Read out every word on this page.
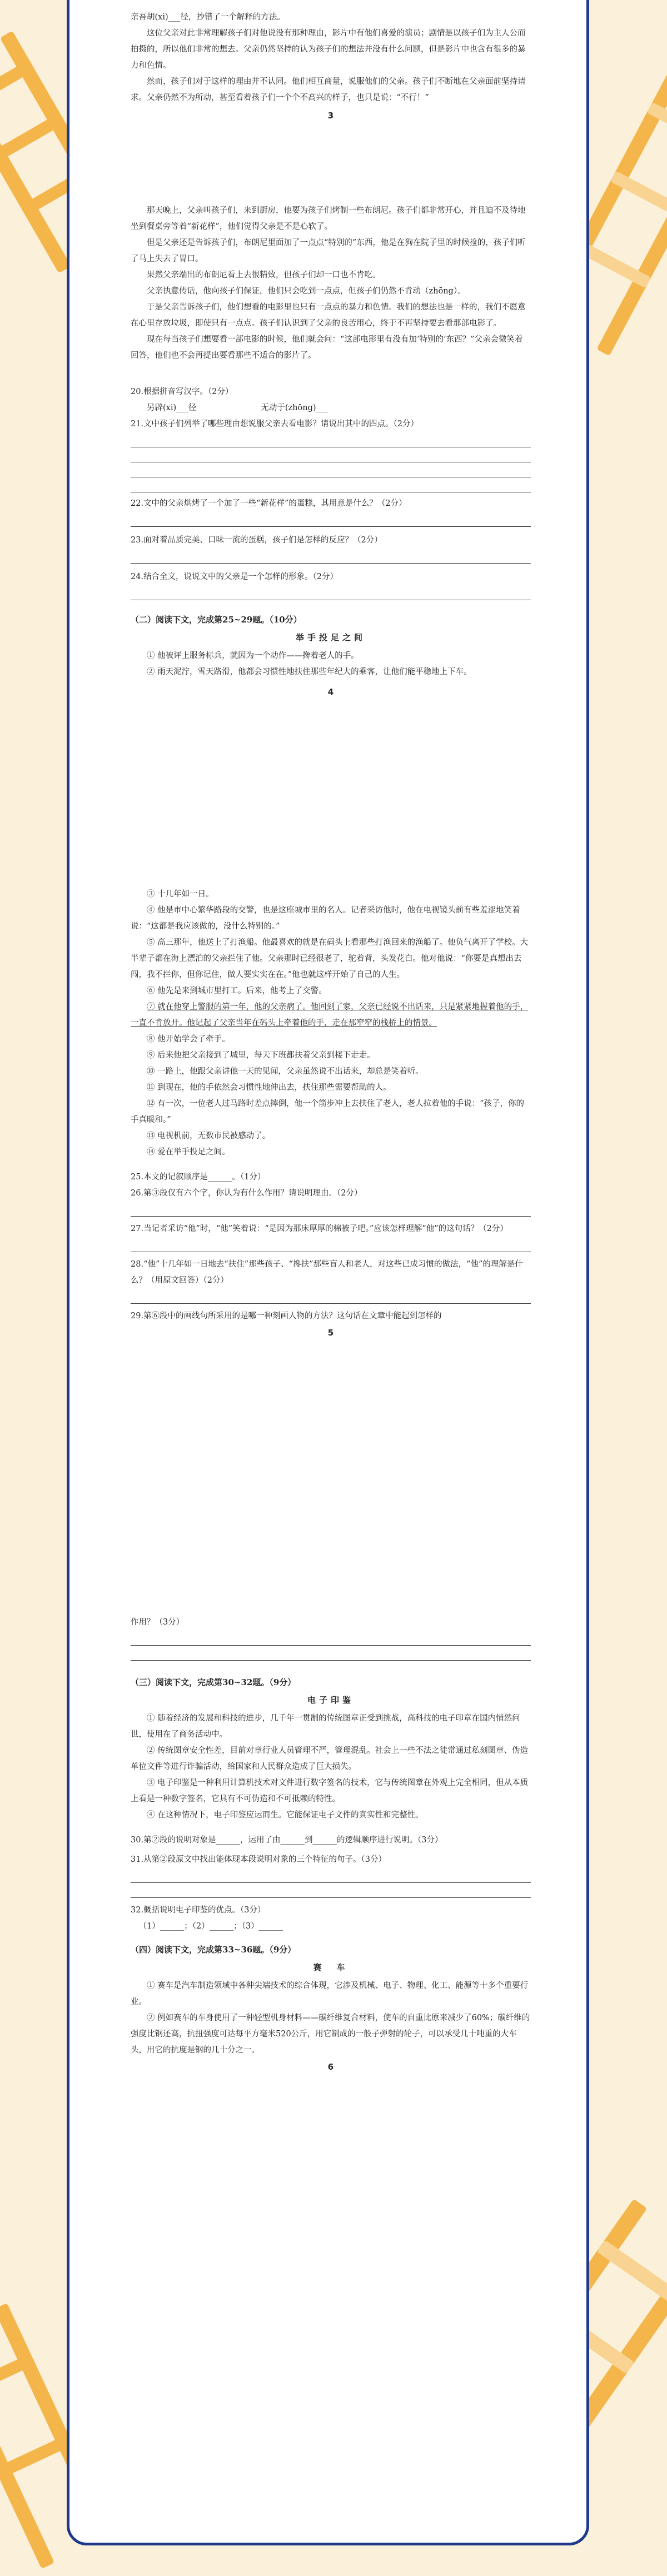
亲吾胡(xi)___径，抄错了一个解释的方法。

这位父亲对此非常理解孩子们对他说没有那种理由，影片中有他们喜爱的演员；剧情是以孩子们为主人公而拍摄的，所以他们非常的想去。父亲仍然坚持的认为孩子们的想法并没有什么问题，但是影片中也含有很多的暴力和色情。

然而，孩子们对于这样的理由并不认同。他们相互商量，说服他们的父亲。孩子们不断地在父亲面前坚持请求。父亲仍然不为所动，甚至看着孩子们一个个不高兴的样子，也只是说：“不行！”

3

那天晚上，父亲叫孩子们，来到厨房，他要为孩子们烤制一些布朗尼。孩子们都非常开心，并且迫不及待地坐到餐桌旁等着“新花样”，他们觉得父亲是不是心软了。

但是父亲还是告诉孩子们，布朗尼里面加了一点点“特别的”东西，他是在狗在院子里的时候捡的，孩子们听了马上失去了胃口。

果然父亲端出的布朗尼看上去很精致，但孩子们却一口也不肯吃。

父亲执意传话，他向孩子们保证，他们只会吃到一点点，但孩子们仍然不肯动（zhōng）。

于是父亲告诉孩子们，他们想看的电影里也只有一点点的暴力和色情。我们的想法也是一样的，我们不愿意在心里存放垃圾，即使只有一点点。孩子们认识到了父亲的良苦用心，终于不再坚持要去看那部电影了。

现在每当孩子们想要看一部电影的时候，他们就会问：“这部电影里有没有加‘特别的’东西？”父亲会微笑着回答，他们也不会再提出要看那些不适合的影片了。

20.根据拼音写汉字。（2分）
另辟(xi)___径　　　　　　　　无动于(zhōng)___
21.文中孩子们列举了哪些理由想说服父亲去看电影？请说出其中的四点。（2分）
22.文中的父亲烘烤了一个加了一些“新花样”的蛋糕，其用意是什么？（2分）
23.面对着品质完美、口味一流的蛋糕，孩子们是怎样的反应？（2分）
24.结合全文，说说文中的父亲是一个怎样的形象。（2分）
（二）阅读下文，完成第25~29题。（10分）
举手投足之间

① 他被评上服务标兵，就因为一个动作——搀着老人的手。

② 雨天泥泞，雪天路滑，他都会习惯性地扶住那些年纪大的乘客，让他们能平稳地上下车。

4

③ 十几年如一日。

④ 他是市中心繁华路段的交警，也是这座城市里的名人。记者采访他时，他在电视镜头前有些羞涩地笑着说：“这都是我应该做的，没什么特别的。”

⑤ 高三那年，他送上了打渔船。他最喜欢的就是在码头上看那些打渔回来的渔船了。他负气离开了学校。大半辈子都在海上漂泊的父亲拦住了他。父亲那时已经很老了，驼着背，头发花白。他对他说：“你要是真想出去闯，我不拦你，但你记住，做人要实实在在。”他也就这样开始了自己的人生。

⑥ 他先是来到城市里打工。后来，他考上了交警。

⑦ 就在他穿上警服的第一年，他的父亲病了。他回到了家，父亲已经说不出话来，只是紧紧地握着他的手，一直不肯放开。他记起了父亲当年在码头上牵着他的手，走在那窄窄的栈桥上的情景。

⑧ 他开始学会了牵手。

⑨ 后来他把父亲接到了城里，每天下班都扶着父亲到楼下走走。

⑩ 一路上，他跟父亲讲他一天的见闻，父亲虽然说不出话来，却总是笑着听。

⑪ 到现在，他的手依然会习惯性地伸出去，扶住那些需要帮助的人。

⑫ 有一次，一位老人过马路时差点摔倒，他一个箭步冲上去扶住了老人，老人拉着他的手说：“孩子，你的手真暖和。”

⑬ 电视机前，无数市民被感动了。

⑭ 爱在举手投足之间。

25.本文的记叙顺序是______。（1分）
26.第③段仅有六个字，你认为有什么作用？请说明理由。（2分）
27.当记者采访“他”时，“他”笑着说：“是因为那床厚厚的棉被子吧。”应该怎样理解“他”的这句话？（2分）
28.“他”十几年如一日地去“扶住”那些孩子、“搀扶”那些盲人和老人，对这些已成习惯的做法，“他”的理解是什么？（用原文回答）（2分）
29.第⑥段中的画线句所采用的是哪一种刻画人物的方法？这句话在文章中能起到怎样的
5
作用？（3分）
（三）阅读下文，完成第30~32题。（9分）
电子印鉴

① 随着经济的发展和科技的进步，几千年一贯制的传统图章正受到挑战，高科技的电子印章在国内悄然问世，使用在了商务活动中。

② 传统图章安全性差，目前对章行业人员管理不严，管理混乱。社会上一些不法之徒常通过私刻图章、伪造单位文件等进行诈骗活动，给国家和人民群众造成了巨大损失。

③ 电子印鉴是一种利用计算机技术对文件进行数字签名的技术，它与传统图章在外观上完全相同，但从本质上看是一种数字签名，它具有不可伪造和不可抵赖的特性。

④ 在这种情况下，电子印鉴应运而生。它能保证电子文件的真实性和完整性。

30.第②段的说明对象是______，运用了由______到______的逻辑顺序进行说明。（3分）
31.从第②段原文中找出能体现本段说明对象的三个特征的句子。（3分）
32.概括说明电子印鉴的优点。（3分）
（1）______；（2）______；（3）______
（四）阅读下文，完成第33~36题。（9分）
赛　车

① 赛车是汽车制造领域中各种尖端技术的综合体现，它涉及机械、电子、物理、化工、能源等十多个重要行业。

② 例如赛车的车身使用了一种轻型机身材料——碳纤维复合材料，使车的自重比原来减少了60%；碳纤维的强度比钢还高，抗扭强度可达每平方毫米520公斤，用它制成的一般子弹射的轮子，可以承受几十吨重的大车头，用它的抗度是钢的几十分之一。

6
